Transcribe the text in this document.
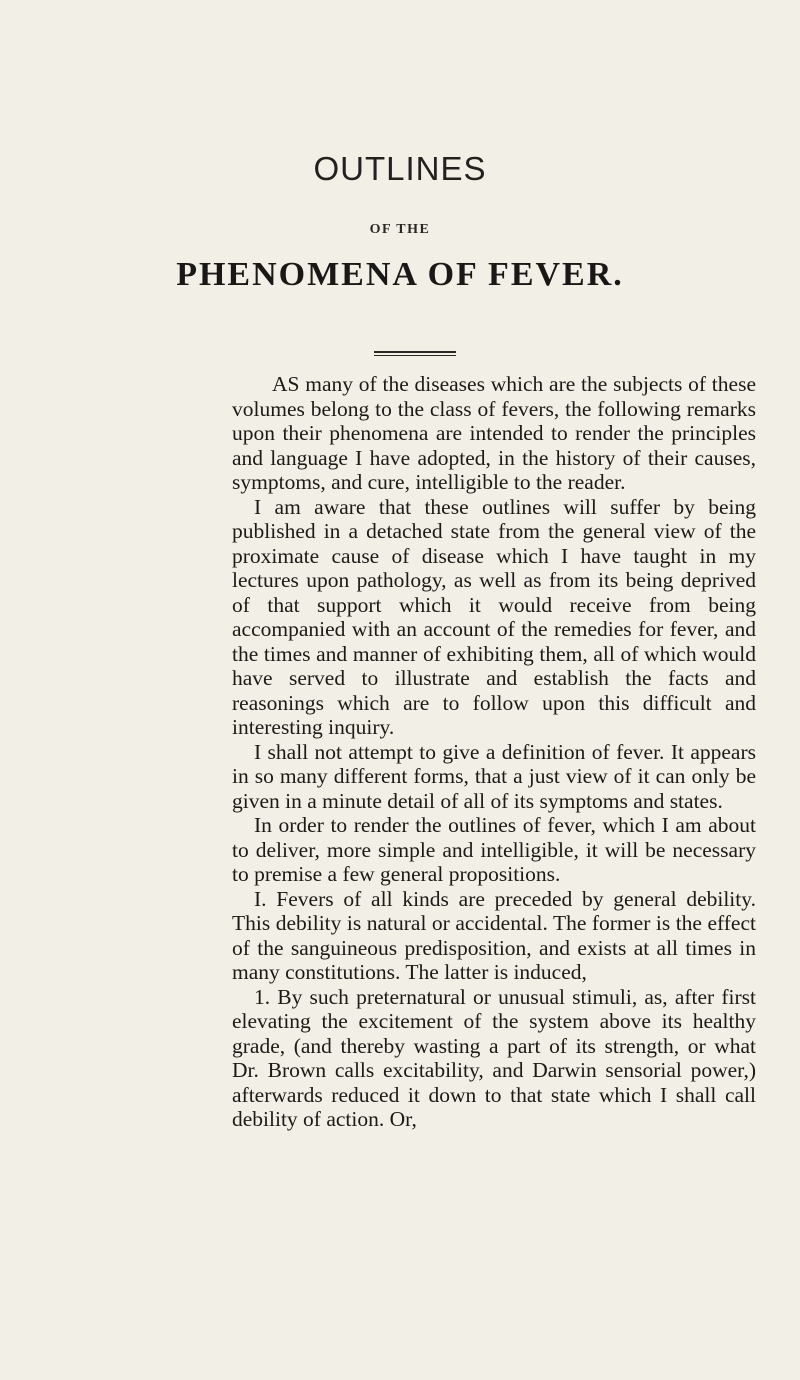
OUTLINES
OF THE
PHENOMENA OF FEVER.

AS many of the diseases which are the subjects of these volumes belong to the class of fevers, the following remarks upon their phenomena are intended to render the principles and language I have adopted, in the history of their causes, symptoms, and cure, intelligible to the reader.

I am aware that these outlines will suffer by being published in a detached state from the general view of the proximate cause of disease which I have taught in my lectures upon pathology, as well as from its being deprived of that support which it would receive from being accompanied with an account of the remedies for fever, and the times and manner of exhibiting them, all of which would have served to illustrate and establish the facts and reasonings which are to follow upon this difficult and interesting inquiry.

I shall not attempt to give a definition of fever. It appears in so many different forms, that a just view of it can only be given in a minute detail of all of its symptoms and states.

In order to render the outlines of fever, which I am about to deliver, more simple and intelligible, it will be necessary to premise a few general propositions.

I. Fevers of all kinds are preceded by general debility. This debility is natural or accidental. The former is the effect of the sanguineous predisposition, and exists at all times in many constitutions. The latter is induced,

1. By such preternatural or unusual stimuli, as, after first elevating the excitement of the system above its healthy grade, (and thereby wasting a part of its strength, or what Dr. Brown calls excitability, and Darwin sensorial power,) afterwards reduced it down to that state which I shall call debility of action. Or,
